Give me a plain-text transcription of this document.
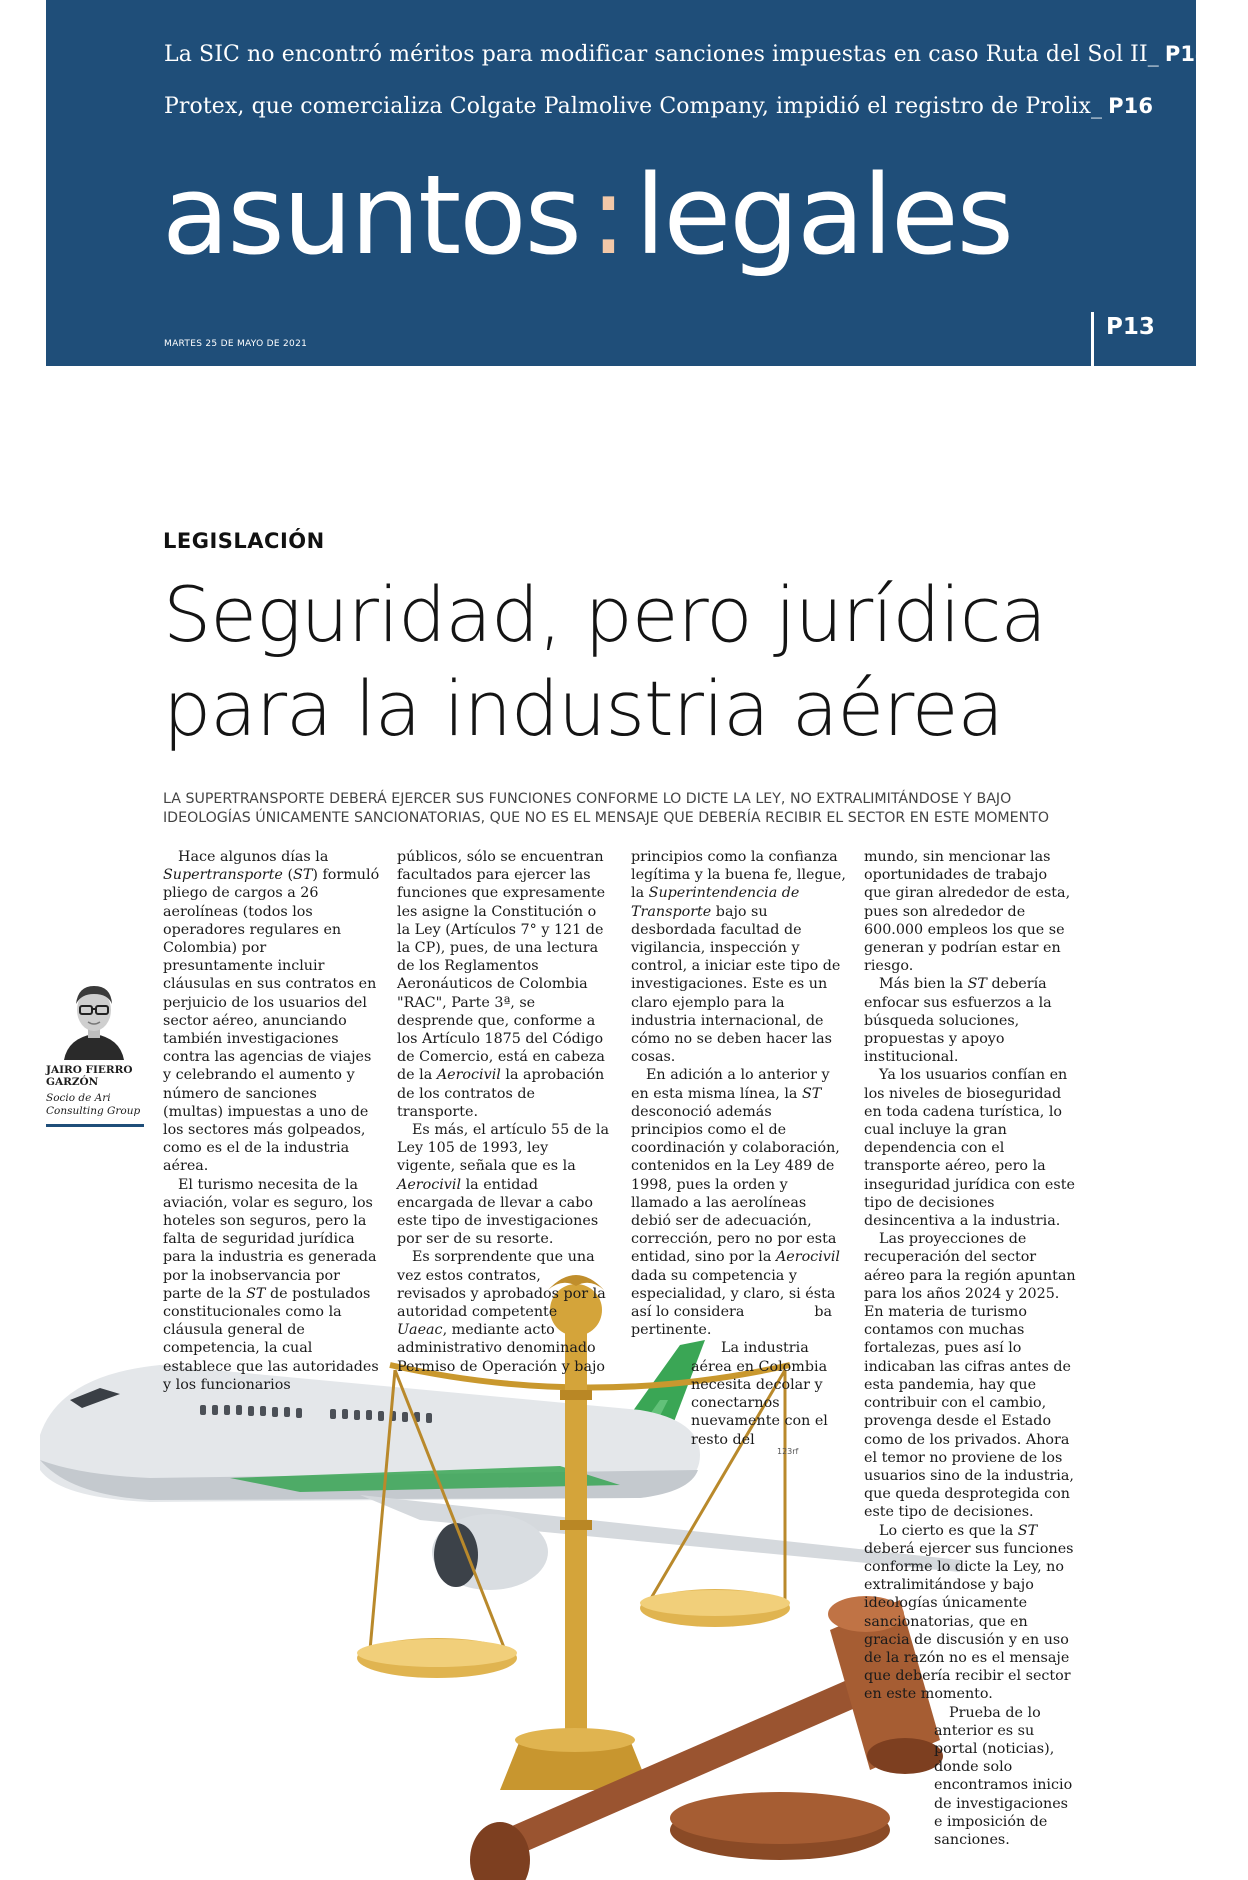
La SIC no encontró méritos para modificar sanciones impuestas en caso Ruta del Sol II_ P14-15
Protex, que comercializa Colgate Palmolive Company, impidió el registro de Prolix_ P16
asuntos:legales
MARTES 25 DE MAYO DE 2021
P13
LEGISLACIÓN
Seguridad, pero jurídica
para la industria aérea
LA SUPERTRANSPORTE DEBERÁ EJERCER SUS FUNCIONES CONFORME LO DICTE LA LEY, NO EXTRALIMITÁNDOSE Y BAJO IDEOLOGÍAS ÚNICAMENTE SANCIONATORIAS, QUE NO ES EL MENSAJE QUE DEBERÍA RECIBIR EL SECTOR EN ESTE MOMENTO
JAIRO FIERRO GARZÓN
Socio de Ari Consulting Group
123rf

Hace algunos días la Supertransporte (ST) formuló pliego de cargos a 26 aerolíneas (todos los operadores regulares en Colombia) por presuntamente incluir cláusulas en sus contratos en perjuicio de los usuarios del sector aéreo, anunciando también investigaciones contra las agencias de viajes y celebrando el aumento y número de sanciones (multas) impuestas a uno de los sectores más golpeados, como es el de la industria aérea.

El turismo necesita de la aviación, volar es seguro, los hoteles son seguros, pero la falta de seguridad jurídica para la industria es generada por la inobservancia por parte de la ST de postulados constitucionales como la cláusula general de competencia, la cual establece que las autoridades y los funcionarios

públicos, sólo se encuentran facultados para ejercer las funciones que expresamente les asigne la Constitución o la Ley (Artículos 7° y 121 de la CP), pues, de una lectura de los Reglamentos Aeronáuticos de Colombia "RAC", Parte 3ª, se desprende que, conforme a los Artículo 1875 del Código de Comercio, está en cabeza de la Aerocivil la aprobación de los contratos de transporte.

Es más, el artículo 55 de la Ley 105 de 1993, ley vigente, señala que es la Aerocivil la entidad encargada de llevar a cabo este tipo de investigaciones por ser de su resorte.

Es sorprendente que una vez estos contratos, revisados y aprobados por la autoridad competente Uaeac, mediante acto administrativo denominado Permiso de Operación y bajo

principios como la confianza legítima y la buena fe, llegue, la Superintendencia de Transporte bajo su desbordada facultad de vigilancia, inspección y control, a iniciar este tipo de investigaciones. Este es un claro ejemplo para la industria internacional, de cómo no se deben hacer las cosas.

En adición a lo anterior y en esta misma línea, la ST desconoció además principios como el de coordinación y colaboración, contenidos en la Ley 489 de 1998, pues la orden y llamado a las aerolíneas debió ser de adecuación, corrección, pero no por esta entidad, sino por la Aerocivil dada su competencia y especialidad, y claro, si ésta así lo considera	ba pertinente.

La industria aérea en Colombia necesita decolar y conectarnos nuevamente con el resto del

mundo, sin mencionar las oportunidades de trabajo que giran alrededor de esta, pues son alrededor de 600.000 empleos los que se generan y podrían estar en riesgo.

Más bien la ST debería enfocar sus esfuerzos a la búsqueda soluciones, propuestas y apoyo institucional.

Ya los usuarios confían en los niveles de bioseguridad en toda cadena turística, lo cual incluye la gran dependencia con el transporte aéreo, pero la inseguridad jurídica con este tipo de decisiones desincentiva a la industria.

Las proyecciones de recuperación del sector aéreo para la región apuntan para los años 2024 y 2025. En materia de turismo contamos con muchas fortalezas, pues así lo indicaban las cifras antes de esta pandemia, hay que contribuir con el cambio, provenga desde el Estado como de los privados. Ahora el temor no proviene de los usuarios sino de la industria, que queda desprotegida con este tipo de decisiones.

Lo cierto es que la ST deberá ejercer sus funciones conforme lo dicte la Ley, no extralimitándose y bajo ideologías únicamente sancionatorias, que en gracia de discusión y en uso de la razón no es el mensaje que debería recibir el sector en este momento.

Prueba de lo anterior es su portal (noticias), donde solo encontramos inicio de investigaciones e imposición de sanciones.
